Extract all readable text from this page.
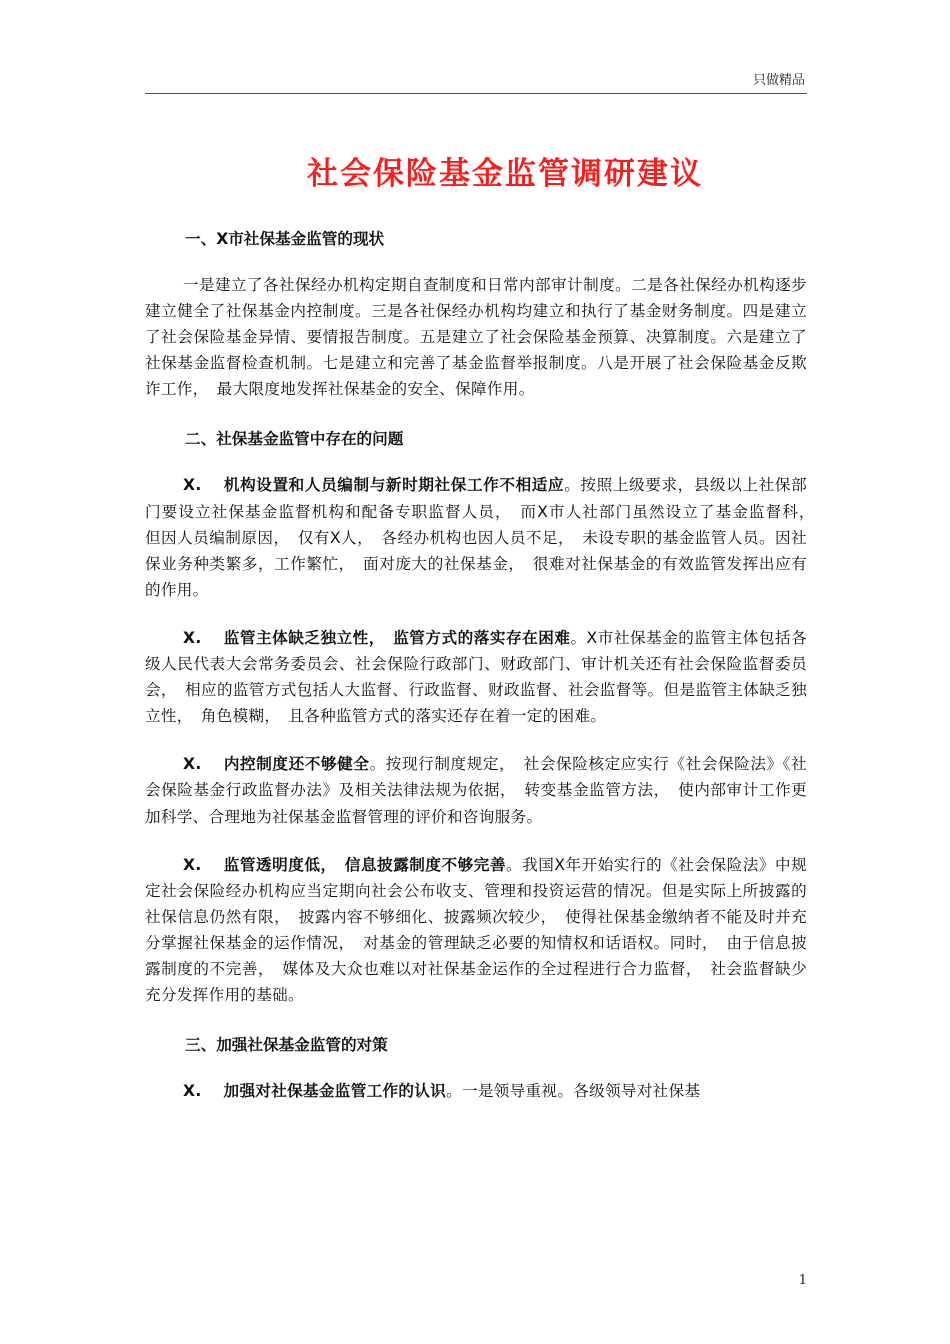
只做精品
社会保险基金监管调研建议

一、X市社保基金监管的现状

一是建立了各社保经办机构定期自查制度和日常内部审计制度。二是各社保经办机构逐步建立健全了社保基金内控制度。三是各社保经办机构均建立和执行了基金财务制度。四是建立了社会保险基金异情、要情报告制度。五是建立了社会保险基金预算、决算制度。六是建立了社保基金监督检查机制。七是建立和完善了基金监督举报制度。八是开展了社会保险基金反欺诈工作，　最大限度地发挥社保基金的安全、保障作用。

二、社保基金监管中存在的问题

X. 机构设置和人员编制与新时期社保工作不相适应。按照上级要求，县级以上社保部门要设立社保基金监督机构和配备专职监督人员，　而X市人社部门虽然设立了基金监督科，　但因人员编制原因，　仅有X人，　各经办机构也因人员不足，　未设专职的基金监管人员。因社保业务种类繁多，工作繁忙，　面对庞大的社保基金，　很难对社保基金的有效监管发挥出应有的作用。

X. 监管主体缺乏独立性，　监管方式的落实存在困难。X市社保基金的监管主体包括各级人民代表大会常务委员会、社会保险行政部门、财政部门、审计机关还有社会保险监督委员会，　相应的监管方式包括人大监督、行政监督、财政监督、社会监督等。但是监管主体缺乏独立性，　角色模糊，　且各种监管方式的落实还存在着一定的困难。

X. 内控制度还不够健全。按现行制度规定，　社会保险核定应实行《社会保险法》《社会保险基金行政监督办法》及相关法律法规为依据，　转变基金监管方法，　使内部审计工作更加科学、合理地为社保基金监督管理的评价和咨询服务。

X. 监管透明度低，　信息披露制度不够完善。我国X年开始实行的《社会保险法》中规定社会保险经办机构应当定期向社会公布收支、管理和投资运营的情况。但是实际上所披露的社保信息仍然有限，　披露内容不够细化、披露频次较少，　使得社保基金缴纳者不能及时并充分掌握社保基金的运作情况，　对基金的管理缺乏必要的知情权和话语权。同时，　由于信息披露制度的不完善，　媒体及大众也难以对社保基金运作的全过程进行合力监督，　社会监督缺少充分发挥作用的基础。

三、加强社保基金监管的对策

X. 加强对社保基金监管工作的认识。一是领导重视。各级领导对社保基

1
